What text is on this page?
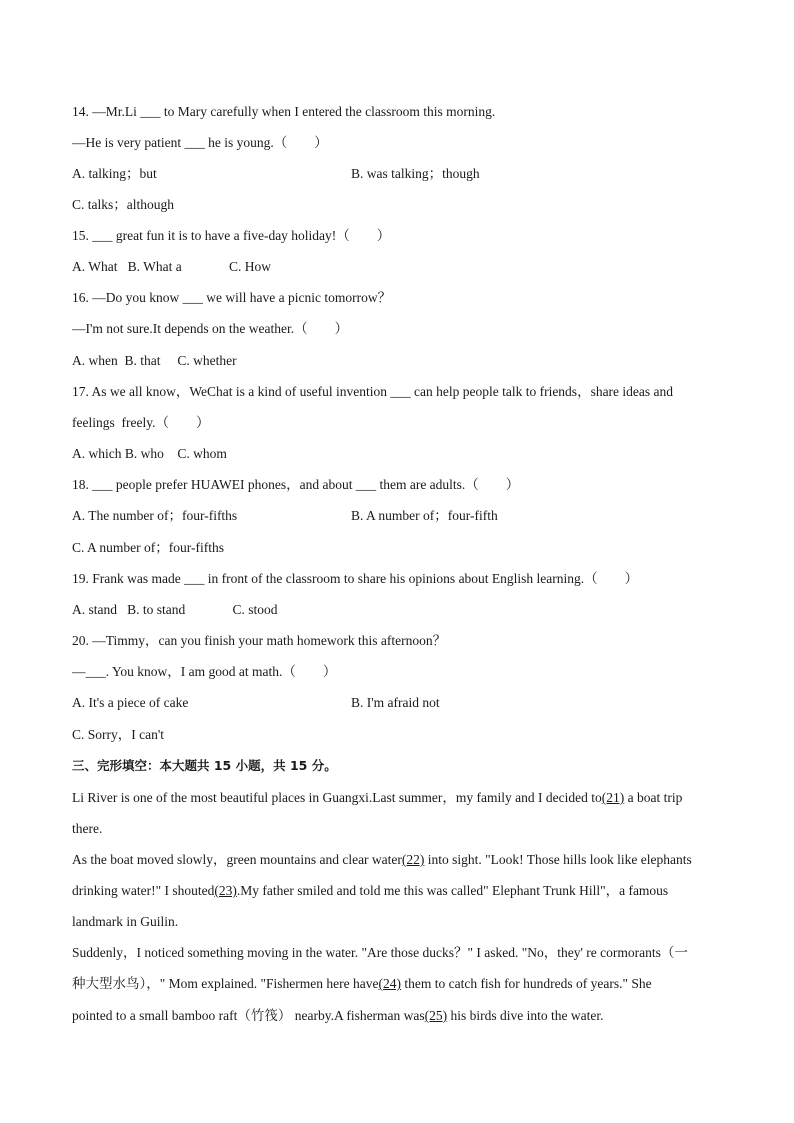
14. —Mr.Li ___ to Mary carefully when I entered the classroom this morning.
—He is very patient ___ he is young.（　　）
A. talking；but	B. was talking；though
C. talks；although
15. ___ great fun it is to have a five-day holiday!（　　）
A. What   B. What a              C. How
16. —Do you know ___ we will have a picnic tomorrow？
—I'm not sure.It depends on the weather.（　　）
A. when  B. that     C. whether
17. As we all know，WeChat is a kind of useful invention ___ can help people talk to friends，share ideas and
feelings  freely.（　　）
A. which B. who    C. whom
18. ___ people prefer HUAWEI phones，and about ___ them are adults.（　　）
A. The number of；four-fifths	B. A number of；four-fifth
C. A number of；four-fifths
19. Frank was made ___ in front of the classroom to share his opinions about English learning.（　　）
A. stand   B. to stand              C. stood
20. —Timmy，can you finish your math homework this afternoon？
—___. You know，I am good at math.（　　）
A. It's a piece of cake	B. I'm afraid not
C. Sorry，I can't
三、完形填空：本大题共 15 小题，共 15 分。
Li River is one of the most beautiful places in Guangxi.Last summer，my family and I decided to(21) a boat trip
there.
As the boat moved slowly，green mountains and clear water(22) into sight. "Look! Those hills look like elephants
drinking water!" I shouted(23).My father smiled and told me this was called" Elephant Trunk Hill"，a famous
landmark in Guilin.
Suddenly，I noticed something moving in the water. "Are those ducks？" I asked. "No，they' re cormorants（一
种大型水鸟），" Mom explained. "Fishermen here have(24) them to catch fish for hundreds of years." She
pointed to a small bamboo raft（竹筏） nearby.A fisherman was(25) his birds dive into the water.
